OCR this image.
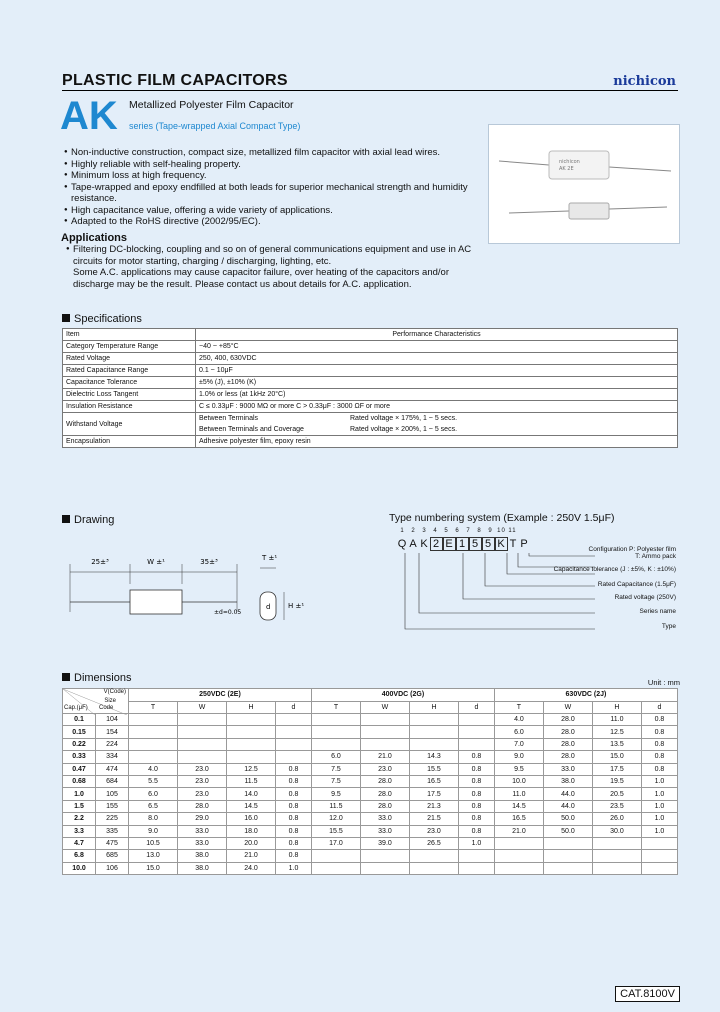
PLASTIC FILM CAPACITORS	nichicon
AK Metallized Polyester Film Capacitor
series (Tape-wrapped Axial Compact Type)
nichicon
AK 2E
● Non-inductive construction, compact size, metallized film capacitor with axial lead wires.
● Highly reliable with self-healing property.
● Minimum loss at high frequency.
● Tape-wrapped and epoxy endfilled at both leads for superior mechanical strength and humidity resistance.
● High capacitance value, offering a wide variety of applications.
● Adapted to the RoHS directive (2002/95/EC).
Applications
● Filtering DC-blocking, coupling and so on of general communications equipment and use in AC circuits for motor starting, charging / discharging, lighting, etc.
Some A.C. applications may cause capacitor failure, over heating of the capacitors and/or discharge may be the result. Please contact us about details for A.C. application.
Specifications
Item	Performance Characteristics	
Category Temperature Range	−40 ~ +85°C	
Rated Voltage	250, 400, 630VDC	
Rated Capacitance Range	0.1 ~ 10μF	
Capacitance Tolerance	±5% (J), ±10% (K)	
Dielectric Loss Tangent	1.0% or less (at 1kHz 20°C)	
Insulation Resistance	C ≤ 0.33μF : 9000 MΩ or more C > 0.33μF : 3000 ΩF or more	
Withstand Voltage	Between Terminals	Rated voltage × 175%, 1 ~ 5 secs.
	Between Terminals and Coverage	Rated voltage × 200%, 1 ~ 5 secs.
Encapsulation	Adhesive polyester film, epoxy resin	
Drawing
25±³	W ±¹	35±³
±d=0.05
T ±¹
d	H ±¹
Type numbering system (Example : 250V 1.5μF)
1 2 3 4 5 6 7 8 9 10 11
Q A K 2 E 1 5 5 K T P	Configuration P: Polyester film
T: Ammo pack
Capacitance tolerance (J : ±5%, K : ±10%)
Rated Capacitance (1.5μF)
Rated voltage (250V)
Series name
Type
Dimensions	Unit : mm
V(Code)
Size
Cap.(μF) Code		250VDC (2E)				400VDC (2G)				630VDC (2J)			
		T	W	H	d	T	W	H	d	T	W	H	d
0.1	104									4.0	28.0	11.0	0.8
0.15	154									6.0	28.0	12.5	0.8
0.22	224									7.0	28.0	13.5	0.8
0.33	334					6.0	21.0	14.3	0.8	9.0	28.0	15.0	0.8
0.47	474	4.0	23.0	12.5	0.8	7.5	23.0	15.5	0.8	9.5	33.0	17.5	0.8
0.68	684	5.5	23.0	11.5	0.8	7.5	28.0	16.5	0.8	10.0	38.0	19.5	1.0
1.0	105	6.0	23.0	14.0	0.8	9.5	28.0	17.5	0.8	11.0	44.0	20.5	1.0
1.5	155	6.5	28.0	14.5	0.8	11.5	28.0	21.3	0.8	14.5	44.0	23.5	1.0
2.2	225	8.0	29.0	16.0	0.8	12.0	33.0	21.5	0.8	16.5	50.0	26.0	1.0
3.3	335	9.0	33.0	18.0	0.8	15.5	33.0	23.0	0.8	21.0	50.0	30.0	1.0
4.7	475	10.5	33.0	20.0	0.8	17.0	39.0	26.5	1.0				
6.8	685	13.0	38.0	21.0	0.8								
10.0	106	15.0	38.0	24.0	1.0								
CAT.8100V
